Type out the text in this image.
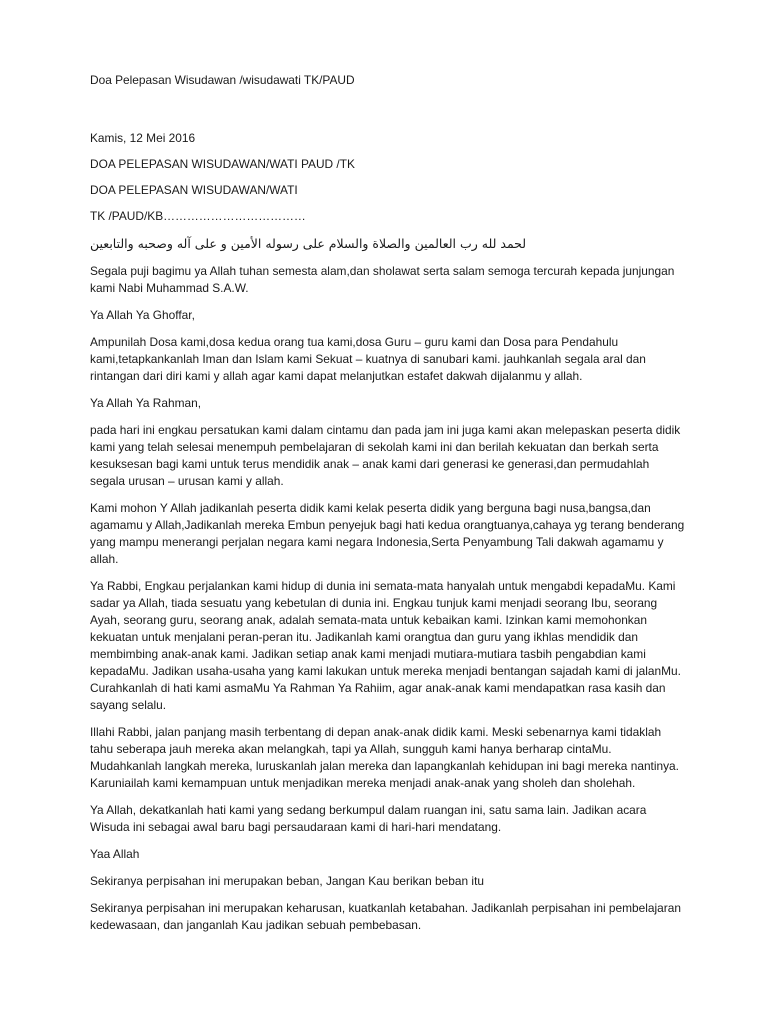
Doa Pelepasan Wisudawan /wisudawati TK/PAUD

Kamis, 12 Mei 2016

DOA PELEPASAN WISUDAWAN/WATI PAUD /TK

DOA PELEPASAN WISUDAWAN/WATI

TK /PAUD/KB………………………………

لحمد لله رب العالمين والصلاة والسلام على رسوله الأمين و على آله وصحبه والتابعين

Segala puji bagimu ya Allah tuhan semesta alam,dan sholawat serta salam semoga tercurah kepada junjungan kami Nabi Muhammad S.A.W.

Ya Allah Ya Ghoffar,

Ampunilah Dosa kami,dosa kedua orang tua kami,dosa Guru – guru kami dan Dosa para Pendahulu kami,tetapkankanlah Iman dan Islam kami Sekuat – kuatnya di sanubari kami. jauhkanlah segala aral dan rintangan dari diri kami y allah agar kami dapat melanjutkan estafet dakwah dijalanmu y allah.

Ya Allah Ya Rahman,

pada hari ini engkau persatukan kami dalam cintamu dan pada jam ini juga kami akan melepaskan peserta didik kami yang telah selesai menempuh pembelajaran di sekolah kami ini dan berilah kekuatan dan berkah serta kesuksesan bagi kami untuk terus mendidik anak – anak kami dari generasi ke generasi,dan permudahlah segala urusan – urusan kami y allah.

Kami mohon Y Allah jadikanlah peserta didik kami kelak peserta didik yang berguna bagi nusa,bangsa,dan agamamu y Allah,Jadikanlah mereka Embun penyejuk bagi hati kedua orangtuanya,cahaya yg terang benderang yang mampu menerangi perjalan negara kami negara Indonesia,Serta Penyambung Tali dakwah agamamu y allah.

Ya Rabbi, Engkau perjalankan kami hidup di dunia ini semata-mata hanyalah untuk mengabdi kepadaMu. Kami sadar ya Allah, tiada sesuatu yang kebetulan di dunia ini. Engkau tunjuk kami menjadi seorang Ibu, seorang Ayah, seorang guru, seorang anak, adalah semata-mata untuk kebaikan kami. Izinkan kami memohonkan kekuatan untuk menjalani peran-peran itu. Jadikanlah kami orangtua dan guru yang ikhlas mendidik dan membimbing anak-anak kami. Jadikan setiap anak kami menjadi mutiara-mutiara tasbih pengabdian kami kepadaMu. Jadikan usaha-usaha yang kami lakukan untuk mereka menjadi bentangan sajadah kami di jalanMu. Curahkanlah di hati kami asmaMu Ya Rahman Ya Rahiim, agar anak-anak kami mendapatkan rasa kasih dan sayang selalu.

Illahi Rabbi, jalan panjang masih terbentang di depan anak-anak didik kami. Meski sebenarnya kami tidaklah tahu seberapa jauh mereka akan melangkah, tapi ya Allah, sungguh kami hanya berharap cintaMu. Mudahkanlah langkah mereka, luruskanlah jalan mereka dan lapangkanlah kehidupan ini bagi mereka nantinya. Karuniailah kami kemampuan untuk menjadikan mereka menjadi anak-anak yang sholeh dan sholehah.

Ya Allah, dekatkanlah hati kami yang sedang berkumpul dalam ruangan ini, satu sama lain. Jadikan acara Wisuda ini sebagai awal baru bagi persaudaraan kami di hari-hari mendatang.

Yaa Allah

Sekiranya perpisahan ini merupakan beban, Jangan Kau berikan beban itu

Sekiranya perpisahan ini merupakan keharusan, kuatkanlah ketabahan. Jadikanlah perpisahan ini pembelajaran kedewasaan, dan janganlah Kau jadikan sebuah pembebasan.
